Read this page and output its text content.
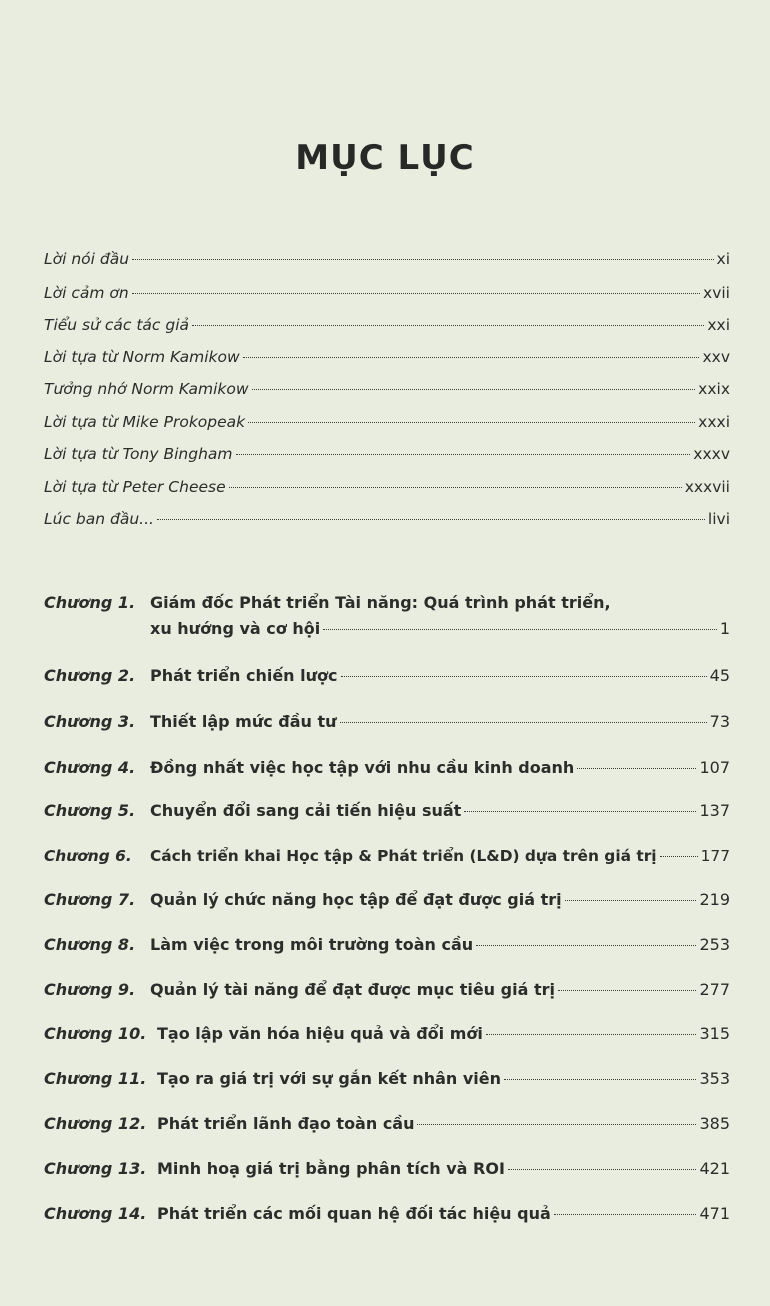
MỤC LỤC
Lời nói đầu	xi
Lời cảm ơn	xvii
Tiểu sử các tác giả	xxi
Lời tựa từ Norm Kamikow	xxv
Tưởng nhớ Norm Kamikow	xxix
Lời tựa từ Mike Prokopeak	xxxi
Lời tựa từ Tony Bingham	xxxv
Lời tựa từ Peter Cheese	xxxvii
Lúc ban đầu...	livi
Chương 1. Giám đốc Phát triển Tài năng: Quá trình phát triển,
xu hướng và cơ hội	1
Chương 2. Phát triển chiến lược	45
Chương 3. Thiết lập mức đầu tư	73
Chương 4. Đồng nhất việc học tập với nhu cầu kinh doanh	107
Chương 5. Chuyển đổi sang cải tiến hiệu suất	137
Chương 6.	Cách triển khai Học tập & Phát triển (L&D) dựa trên giá trị	177
Chương 7. Quản lý chức năng học tập để đạt được giá trị	219
Chương 8. Làm việc trong môi trường toàn cầu	253
Chương 9. Quản lý tài năng để đạt được mục tiêu giá trị	277
Chương 10. Tạo lập văn hóa hiệu quả và đổi mới	315
Chương 11. Tạo ra giá trị với sự gắn kết nhân viên	353
Chương 12. Phát triển lãnh đạo toàn cầu	385
Chương 13. Minh hoạ giá trị bằng phân tích và ROI	421
Chương 14. Phát triển các mối quan hệ đối tác hiệu quả	471
